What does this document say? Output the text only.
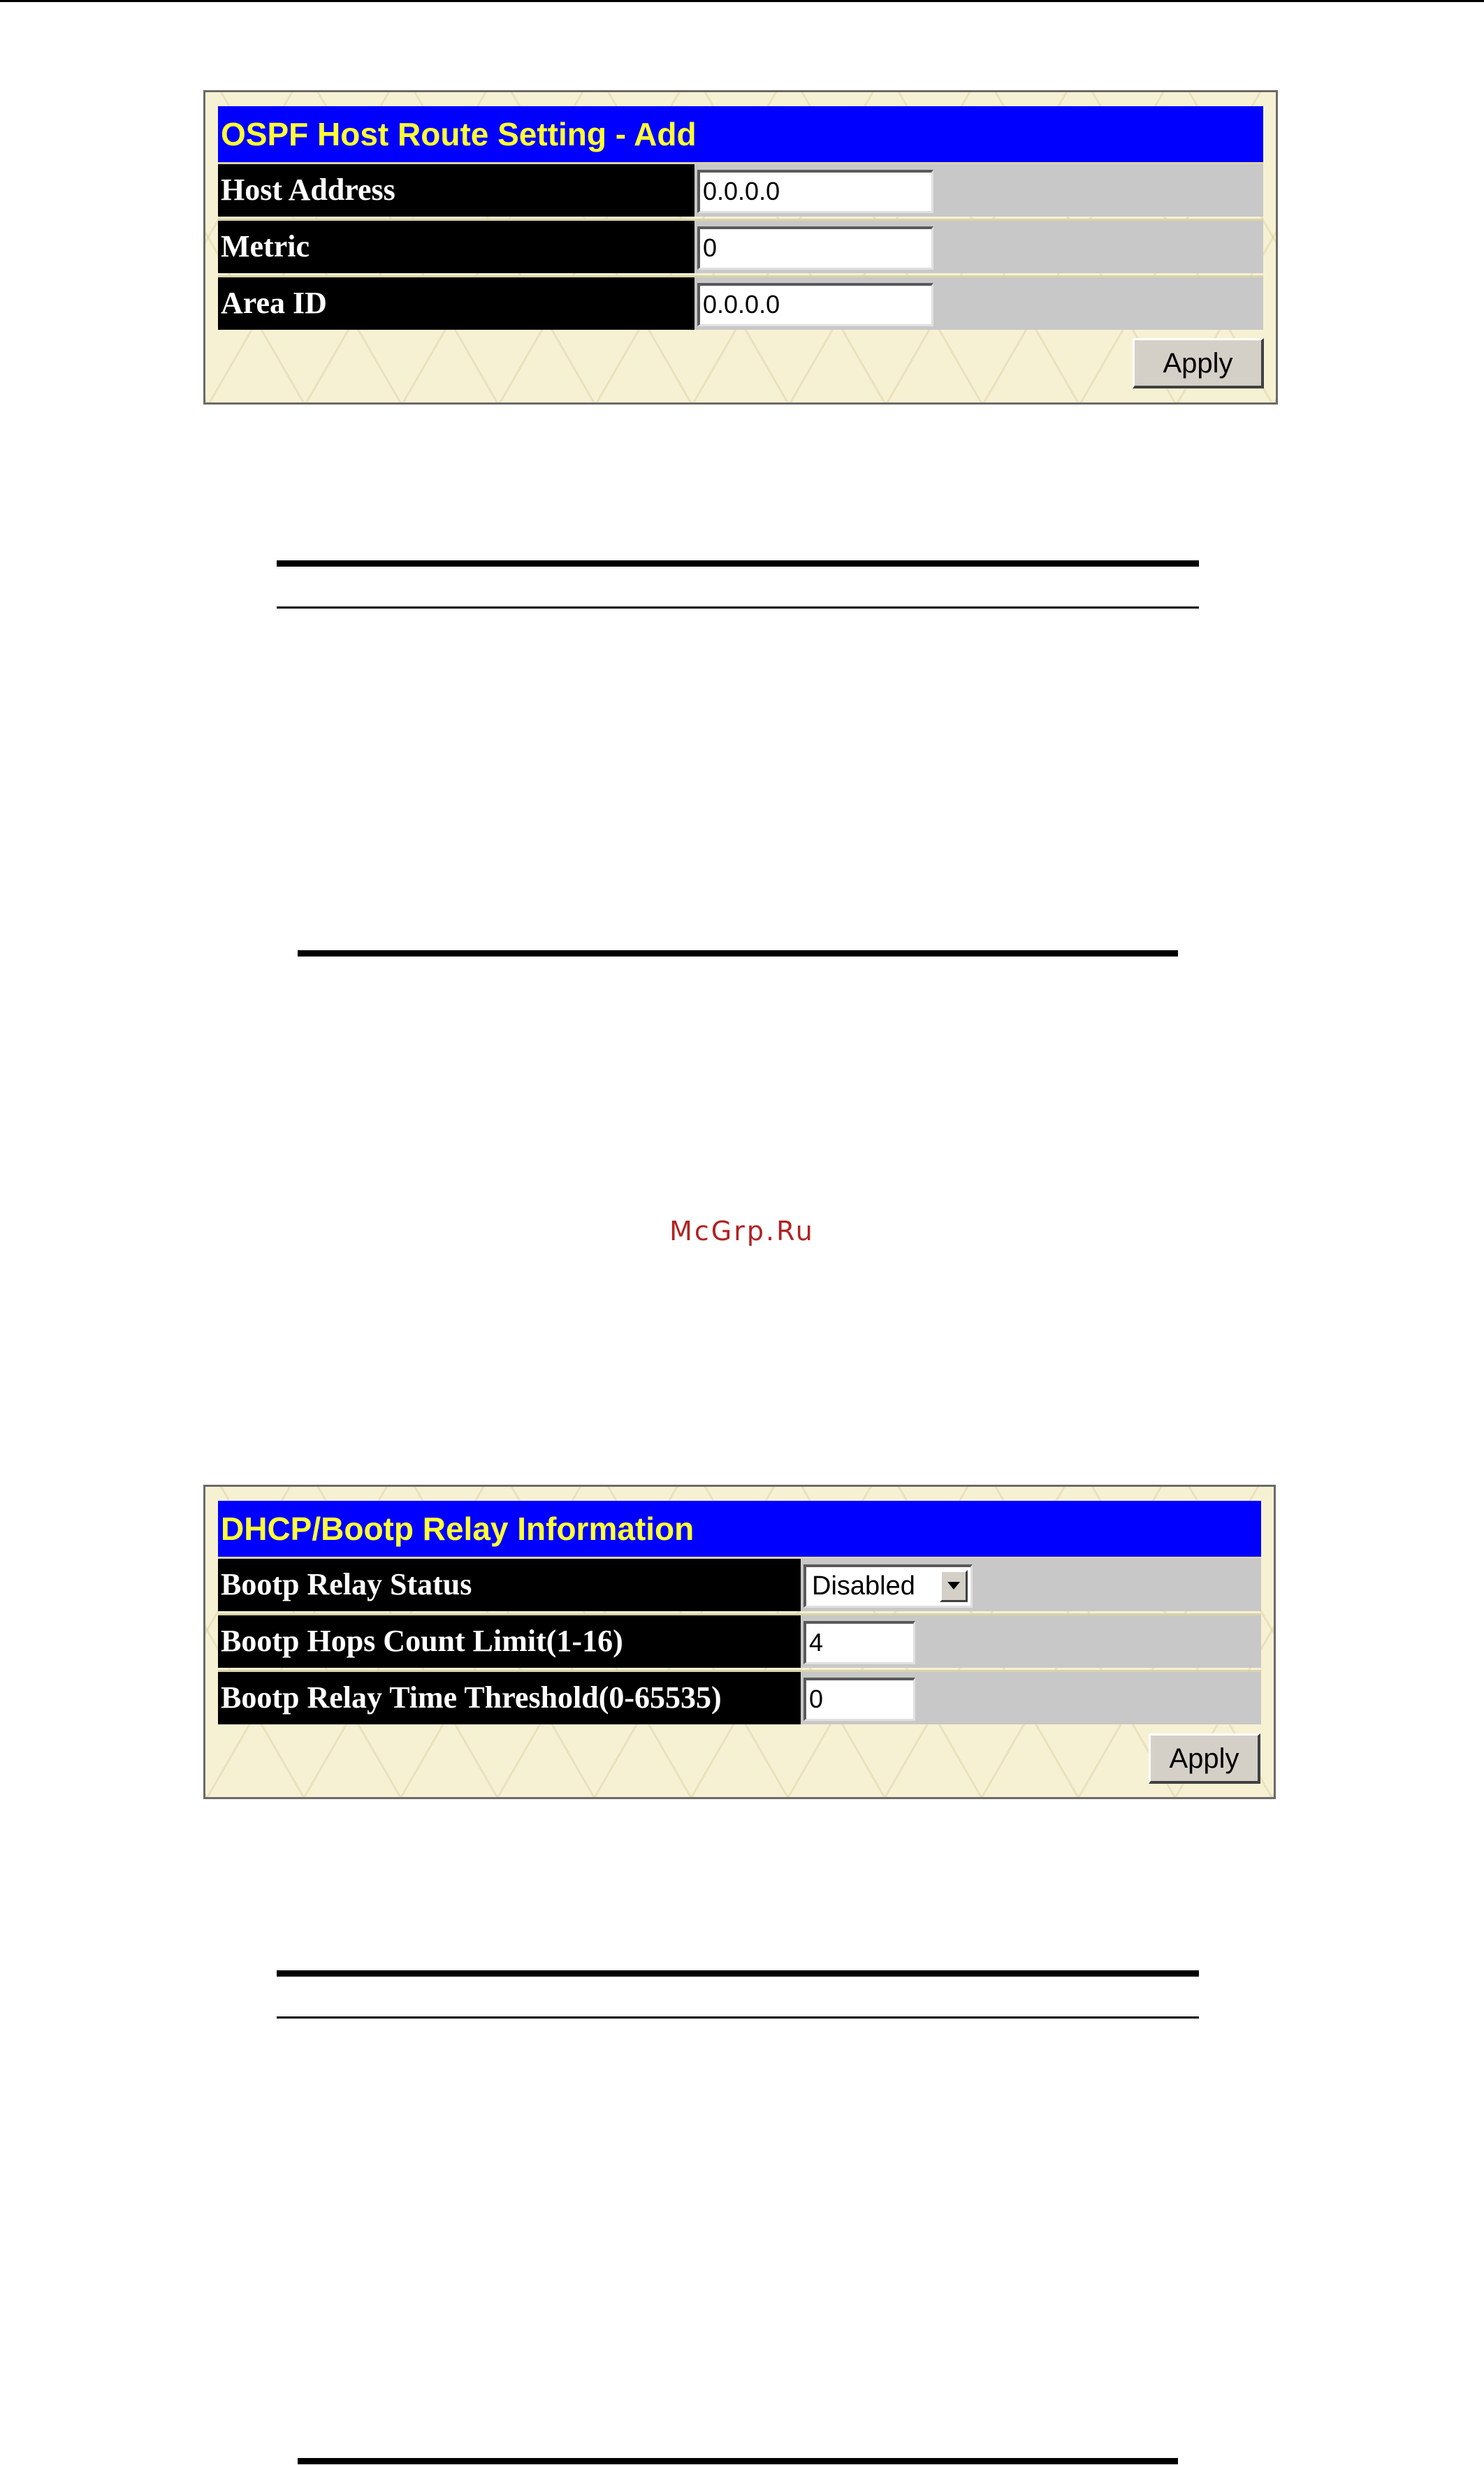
OSPF Host Route Setting - Add
Host Address	0.0.0.0
Metric	0
Area ID	0.0.0.0
Apply
McGrp.Ru
DHCP/Bootp Relay Information
Bootp Relay Status	Disabled
Bootp Hops Count Limit(1-16)	4
Bootp Relay Time Threshold(0-65535)	0
Apply
